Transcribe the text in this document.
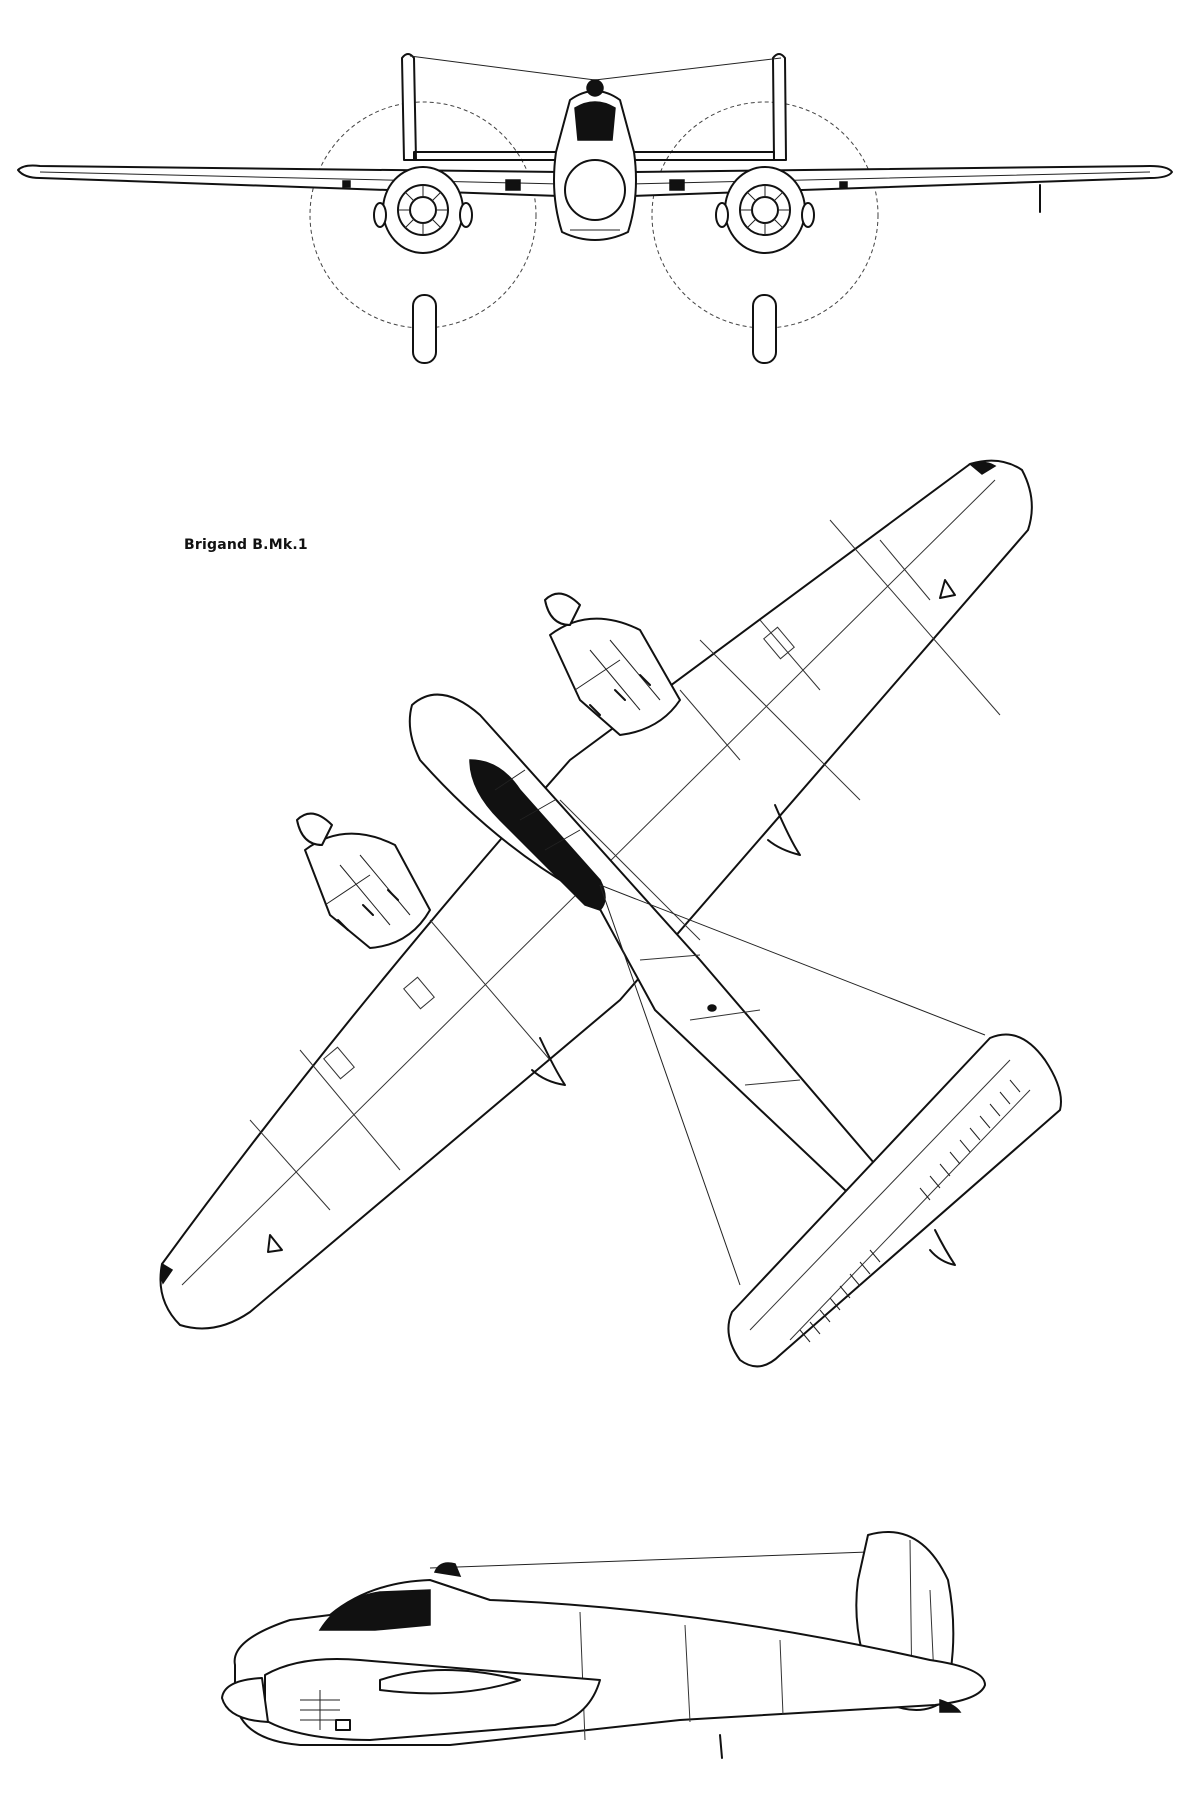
Brigand B.Mk.1
